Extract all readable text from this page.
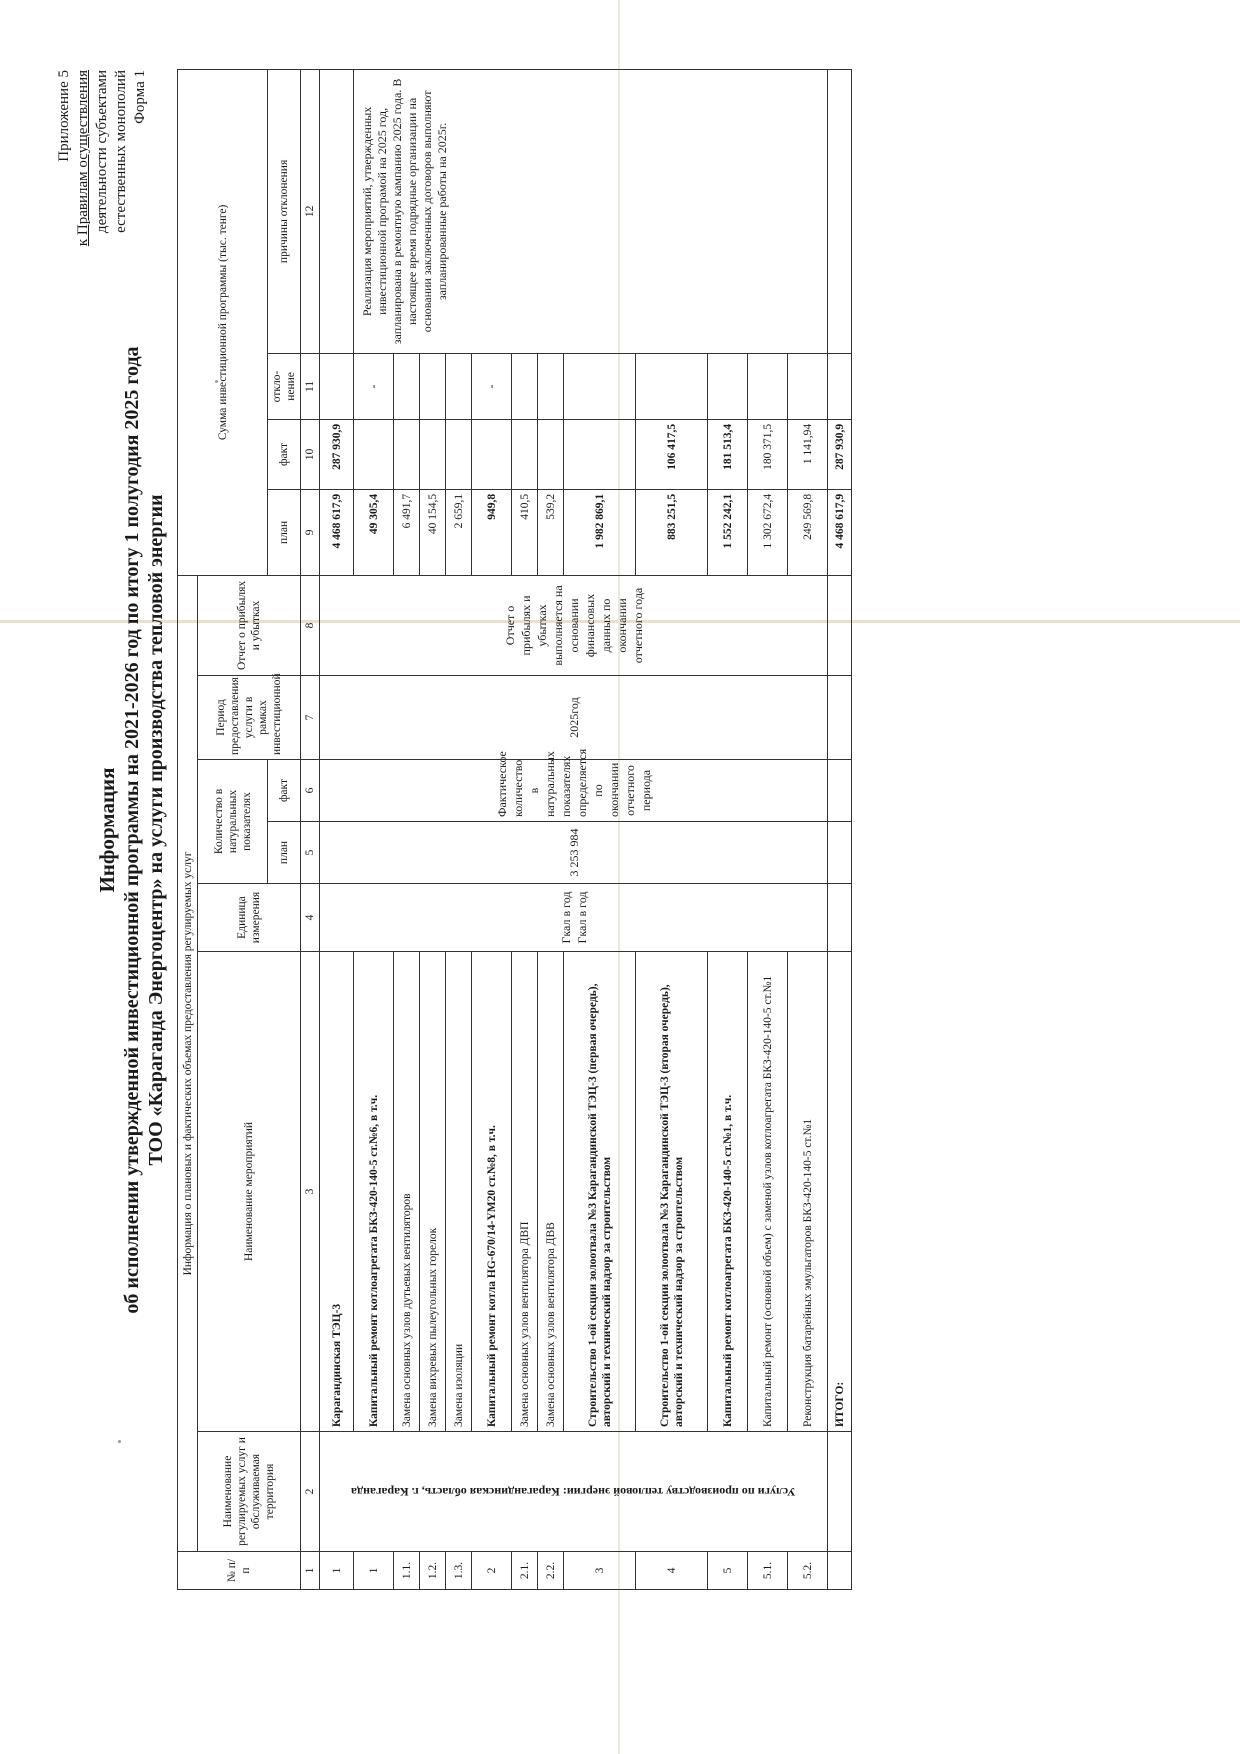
Приложение 5 к Правилам осуществления деятельности субъектами естественных монополий Форма 1
Информация об исполнении утвержденной инвестиционной программы на 2021-2026 год по итогу 1 полугодия 2025 года ТОО «Караганда Энергоцентр» на услуги производства тепловой энергии
№ п/п	Информация о плановых и фактических объемах предоставления регулируемых услуг							Сумма инвестиционной программы (тыс. тенге)			
	Наименование регулируемых услуг и обслуживаемая территория	Наименование мероприятий	Единица измерения	Количество в натуральных показателях		Период предоставления услуги в рамках инвестиционной	Отчет о прибылях и убытках				
				план	факт			план	факт	откло- нение	причины отклонения
1	2	3	4	5	6	7	8	9	10	11	12
1	Услуги по производству тепловой энергии: Карагандинская область, г. Караганда	Карагандинская ТЭЦ-3	Гкал в год Гкал в год	3 253 984	Фактическое количество в натуральных показателях определяется по окончании отчетного периода	2025год	Отчет о прибылях и убытках выполняется на основании финансовых данных по окончании отчетного года	4 468 617,9	287 930,9		
1		Капитальный ремонт котлоагрегата БКЗ-420-140-5 ст.№6, в т.ч.						49 305,4		-	Реализация мероприятий, утвержденных инвестиционной програмой на 2025 год, запланирована в ремонтную кампанию 2025 года. В настоящее время подрядные организации на основании заключенных договоров выполняют запланированные работы на 2025г.

1.1.		Замена основных узлов дутьевых вентиляторов						6 491,7			
1.2.		Замена вихревых пылеугольных горелок						40 154,5			
1.3.		Замена изоляции						2 659,1			
2		Капитальный ремонт котла HG-670/14-YM20 ст.№8, в т.ч.						949,8		-	
2.1.		Замена основных узлов вентилятора ДВП						410,5			
2.2.		Замена основных узлов вентилятора ДВВ						539,2			
3		Строительство 1-ой секции золоотвала №3 Карагандинской ТЭЦ-3 (первая очередь), авторский и технический надзор за строительством						1 982 869,1			
4		Строительство 1-ой секции золоотвала №3 Карагандинской ТЭЦ-3 (вторая очередь), авторский и технический надзор за строительством						883 251,5	106 417,5		
5		Капитальный ремонт котлоагрегата БКЗ-420-140-5 ст.№1, в т.ч.						1 552 242,1	181 513,4		
5.1.		Капитальный ремонт (основной объем) с заменой узлов котлоагрегата БКЗ-420-140-5 ст.№1						1 302 672,4	180 371,5		
5.2.		Реконструкция батарейных эмульгаторов БКЗ-420-140-5 ст.№1						249 569,8	1 141,94		
		ИТОГО:						4 468 617,9	287 930,9		
